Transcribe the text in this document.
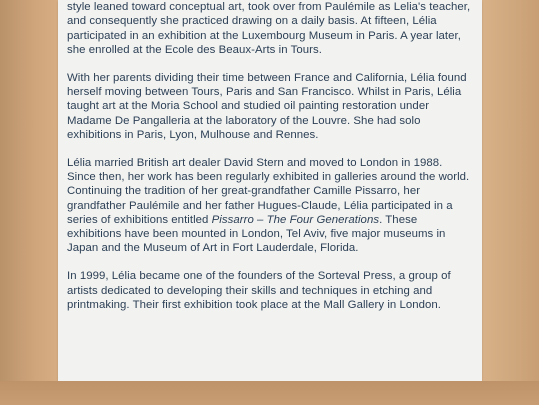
style leaned toward conceptual art, took over from Paulémile as Lelia's teacher, and consequently she practiced drawing on a daily basis. At fifteen, Lélia participated in an exhibition at the Luxembourg Museum in Paris. A year later, she enrolled at the Ecole des Beaux-Arts in Tours.

With her parents dividing their time between France and California, Lélia found herself moving between Tours, Paris and San Francisco. Whilst in Paris, Lélia taught art at the Moria School and studied oil painting restoration under Madame De Pangalleria at the laboratory of the Louvre. She had solo exhibitions in Paris, Lyon, Mulhouse and Rennes.

Lélia married British art dealer David Stern and moved to London in 1988. Since then, her work has been regularly exhibited in galleries around the world. Continuing the tradition of her great-grandfather Camille Pissarro, her grandfather Paulémile and her father Hugues-Claude, Lélia participated in a series of exhibitions entitled Pissarro – The Four Generations. These exhibitions have been mounted in London, Tel Aviv, five major museums in Japan and the Museum of Art in Fort Lauderdale, Florida.

In 1999, Lélia became one of the founders of the Sorteval Press, a group of artists dedicated to developing their skills and techniques in etching and printmaking. Their first exhibition took place at the Mall Gallery in London.
